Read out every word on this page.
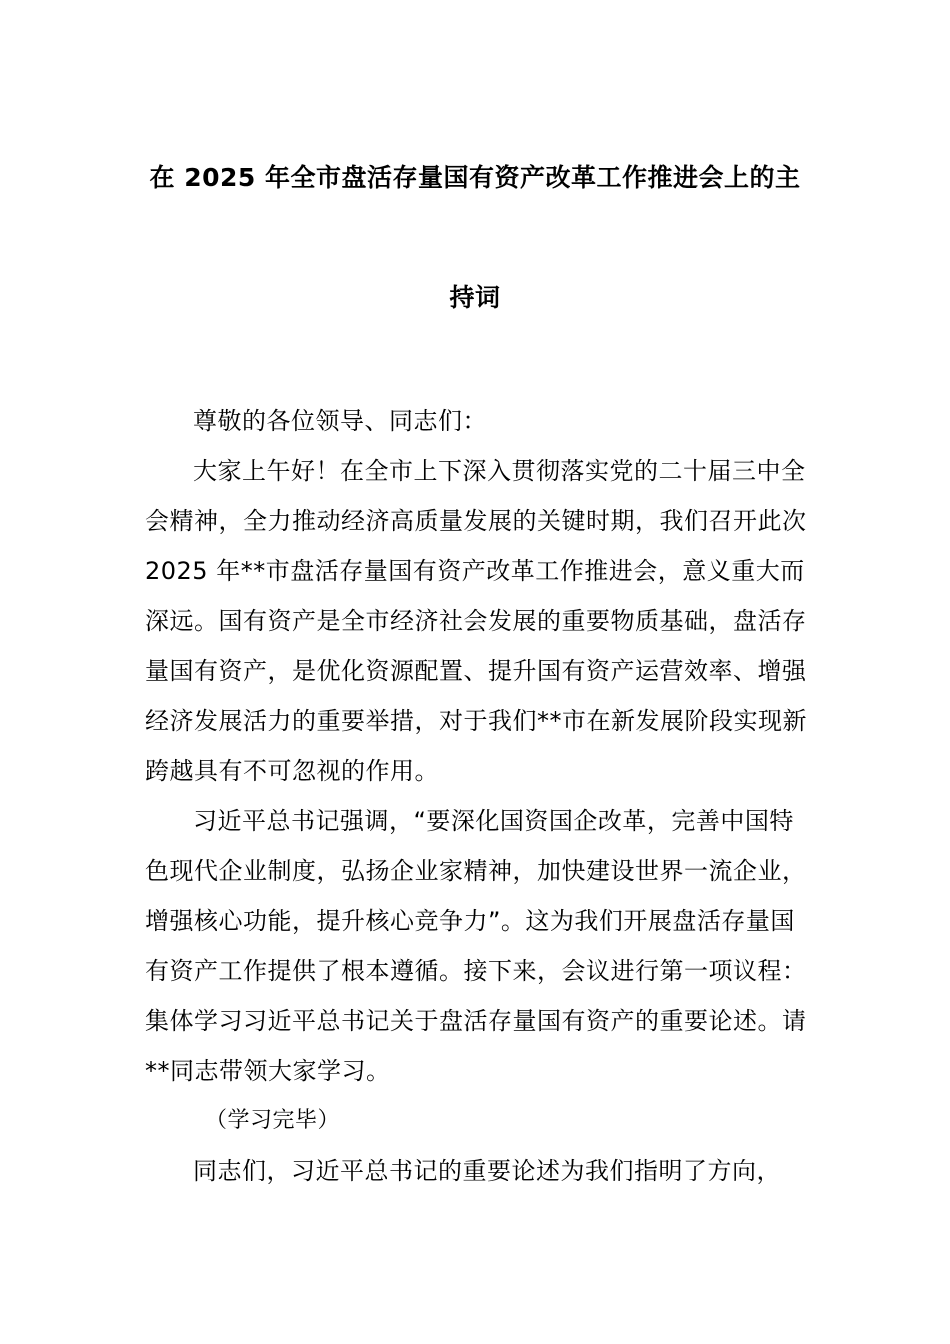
在 2025 年全市盘活存量国有资产改革工作推进会上的主
持词

尊敬的各位领导、同志们：

大家上午好！在全市上下深入贯彻落实党的二十届三中全会精神，全力推动经济高质量发展的关键时期，我们召开此次 2025 年**市盘活存量国有资产改革工作推进会，意义重大而深远。国有资产是全市经济社会发展的重要物质基础，盘活存量国有资产，是优化资源配置、提升国有资产运营效率、增强经济发展活力的重要举措，对于我们**市在新发展阶段实现新跨越具有不可忽视的作用。

习近平总书记强调，“要深化国资国企改革，完善中国特色现代企业制度，弘扬企业家精神，加快建设世界一流企业，增强核心功能，提升核心竞争力”。这为我们开展盘活存量国有资产工作提供了根本遵循。接下来，会议进行第一项议程：集体学习习近平总书记关于盘活存量国有资产的重要论述。请**同志带领大家学习。

（学习完毕）

同志们，习近平总书记的重要论述为我们指明了方向，
